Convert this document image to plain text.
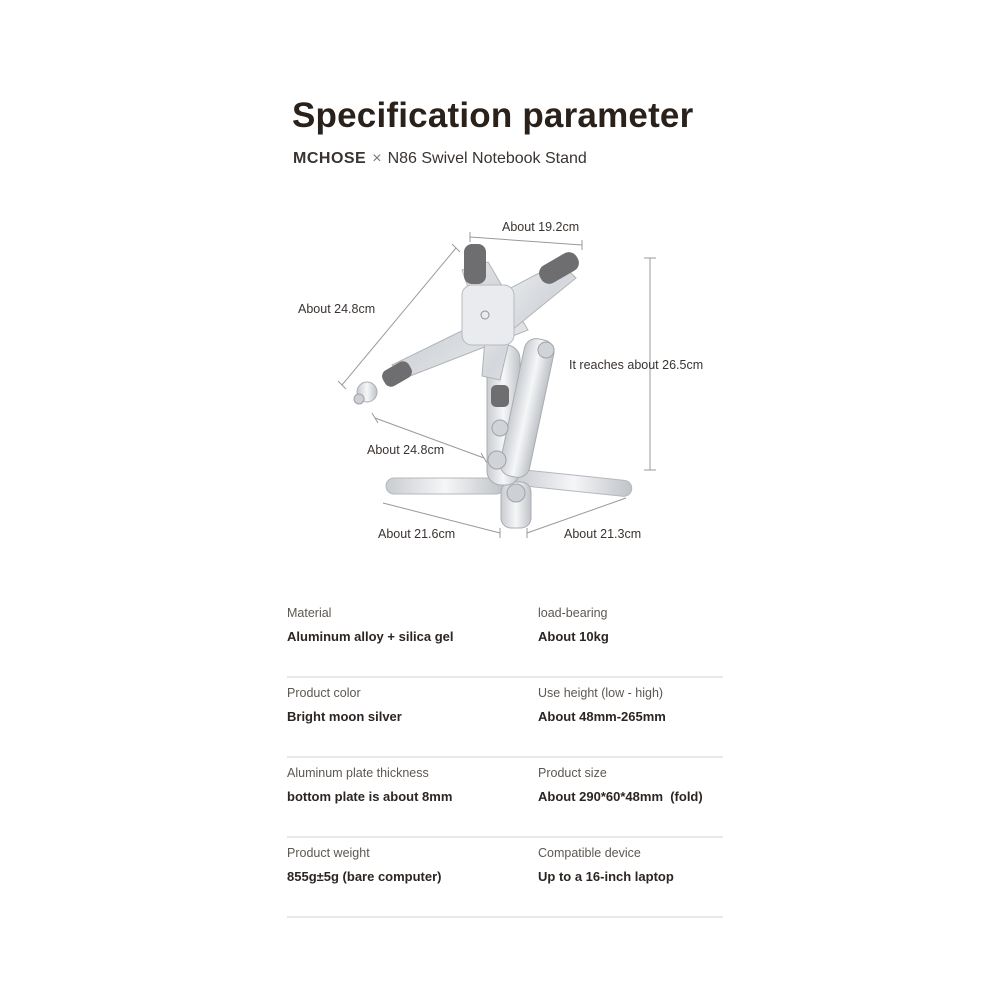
Specification parameter
MCHOSE × N86 Swivel Notebook Stand
About 19.2cm
About 24.8cm
It reaches about 26.5cm
About 24.8cm
About 21.6cm	About 21.3cm
Material
Aluminum alloy + silica gel
load-bearing
About 10kg
Product color
Bright moon silver
Use height (low - high)
About 48mm-265mm
Aluminum plate thickness
bottom plate is about 8mm
Product size
About 290*60*48mm  (fold)
Product weight
855g±5g (bare computer)
Compatible device
Up to a 16-inch laptop
